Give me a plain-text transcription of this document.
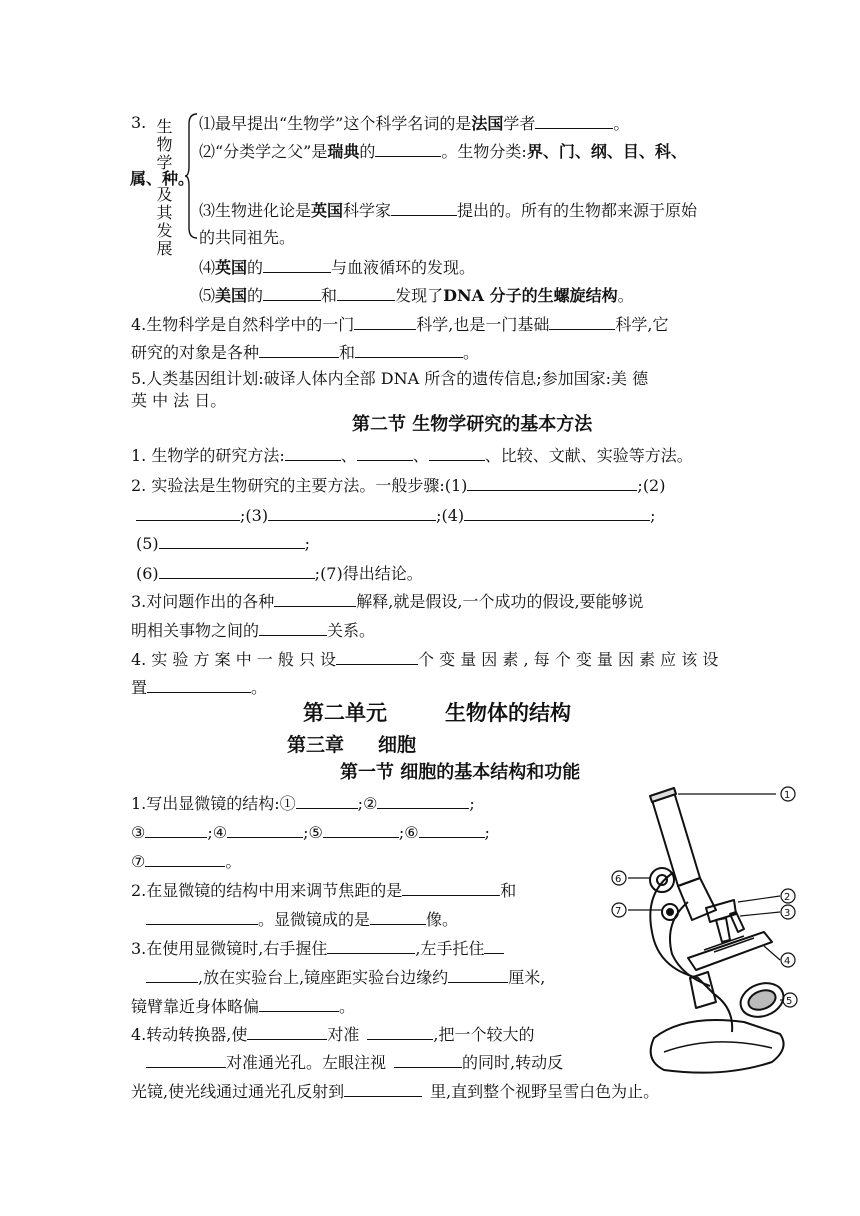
3. 生物学
及其发展
属、种。
⑴最早提出“生物学”这个科学名词的是法国学者	。
⑵“分类学之父”是瑞典的	。生物分类:界、门、纲、目、科、
⑶生物进化论是英国科学家	提出的。所有的生物都来源于原始
的共同祖先。
⑷英国的	与血液循环的发现。
⑸美国的	和	发现了DNA 分子的生螺旋结构。
4.生物科学是自然科学中的一门	科学,也是一门基础	科学,它
研究的对象是各种	和	。
5.人类基因组计划:破译人体内全部 DNA 所含的遗传信息;参加国家:美 德
英 中 法 日。
第二节 生物学研究的基本方法
1. 生物学的研究方法:	、	、	、比较、文献、实验等方法。
2. 实验法是生物研究的主要方法。一般步骤:(1)	;(2)
;(3)	;(4)	;
(5)	;
(6)	;(7)得出结论。
3.对问题作出的各种	解释,就是假设,一个成功的假设,要能够说
明相关事物之间的	关系。
4. 实 验 方 案 中 一 般 只 设	个 变 量 因 素 , 每 个 变 量 因 素 应 该 设
置	。
第二单元	生物体的结构
第三章 细胞
第一节 细胞的基本结构和功能
1.写出显微镜的结构:①	;②	;
③	;④	;⑤	;⑥	;
⑦	。
2.在显微镜的结构中用来调节焦距的是	和
。显微镜成的是	像。
3.在使用显微镜时,右手握住	,左手托住
,放在实验台上,镜座距实验台边缘约	厘米,
镜臂靠近身体略偏	。
4.转动转换器,使	对准	,把一个较大的
对准通光孔。左眼注视	的同时,转动反
光镜,使光线通过通光孔反射到	里,直到整个视野呈雪白色为止。
1
2
3
4
5
6
7
